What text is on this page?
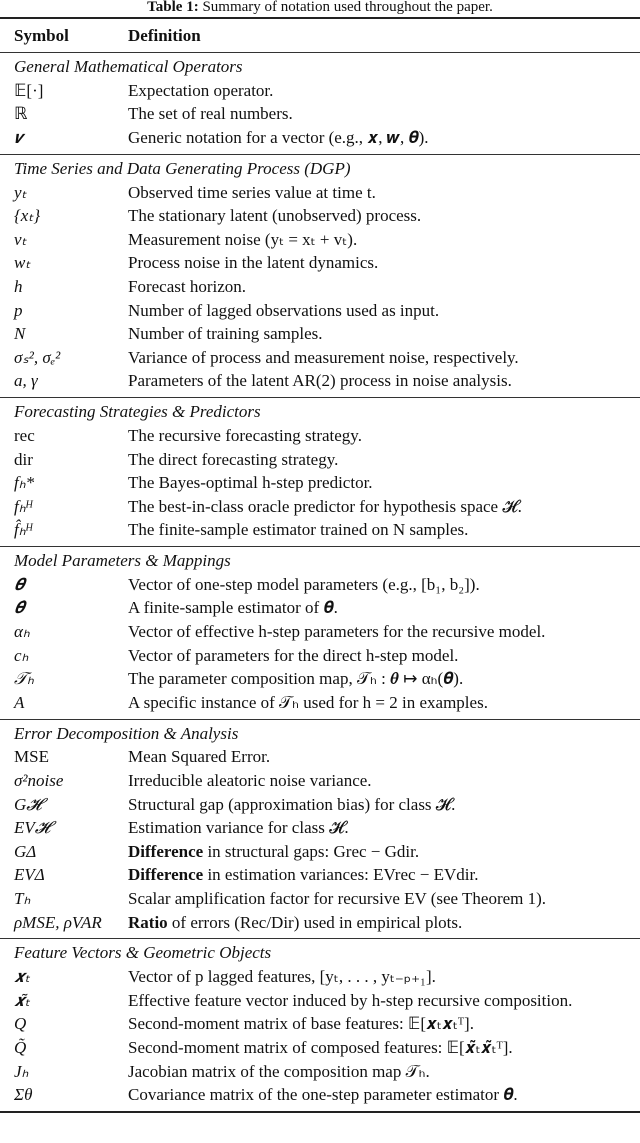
Table 1: Summary of notation used throughout the paper.
Symbol	Definition
General Mathematical Operators
𝔼[·]	Expectation operator.
ℝ	The set of real numbers.
𝒗	Generic notation for a vector (e.g., 𝒙, 𝒘, 𝜽).
Time Series and Data Generating Process (DGP)
yₜ	Observed time series value at time t.
{xₜ}	The stationary latent (unobserved) process.
vₜ	Measurement noise (yₜ = xₜ + vₜ).
wₜ	Process noise in the latent dynamics.
h	Forecast horizon.
p	Number of lagged observations used as input.
N	Number of training samples.
σₛ², σₑ²	Variance of process and measurement noise, respectively.
a, γ	Parameters of the latent AR(2) process in noise analysis.
Forecasting Strategies & Predictors
rec	The recursive forecasting strategy.
dir	The direct forecasting strategy.
fₕ*	The Bayes-optimal h-step predictor.
fₕᴴ	The best-in-class oracle predictor for hypothesis space 𝓗.
f̂ₕᴴ	The finite-sample estimator trained on N samples.
Model Parameters & Mappings
𝜽	Vector of one-step model parameters (e.g., [b₁, b₂]).
𝜽̂	A finite-sample estimator of 𝜽.
αₕ	Vector of effective h-step parameters for the recursive model.
cₕ	Vector of parameters for the direct h-step model.
𝒯ₕ	The parameter composition map, 𝒯ₕ : 𝜽 ↦ αₕ(𝜽).
A	A specific instance of 𝒯ₕ used for h = 2 in examples.
Error Decomposition & Analysis
MSE	Mean Squared Error.
σ²noise	Irreducible aleatoric noise variance.
G𝓗	Structural gap (approximation bias) for class 𝓗.
EV𝓗	Estimation variance for class 𝓗.
GΔ	Difference in structural gaps: Grec − Gdir.
EVΔ	Difference in estimation variances: EVrec − EVdir.
Tₕ	Scalar amplification factor for recursive EV (see Theorem 1).
ρMSE, ρVAR	Ratio of errors (Rec/Dir) used in empirical plots.
Feature Vectors & Geometric Objects
𝒙ₜ	Vector of p lagged features, [yₜ, . . . , yₜ₋ₚ₊₁].
𝒙̃ₜ	Effective feature vector induced by h-step recursive composition.
Q	Second-moment matrix of base features: 𝔼[𝒙ₜ𝒙ₜᵀ].
Q̃	Second-moment matrix of composed features: 𝔼[𝒙̃ₜ𝒙̃ₜᵀ].
Jₕ	Jacobian matrix of the composition map 𝒯ₕ.
Σθ	Covariance matrix of the one-step parameter estimator 𝜽̂.
